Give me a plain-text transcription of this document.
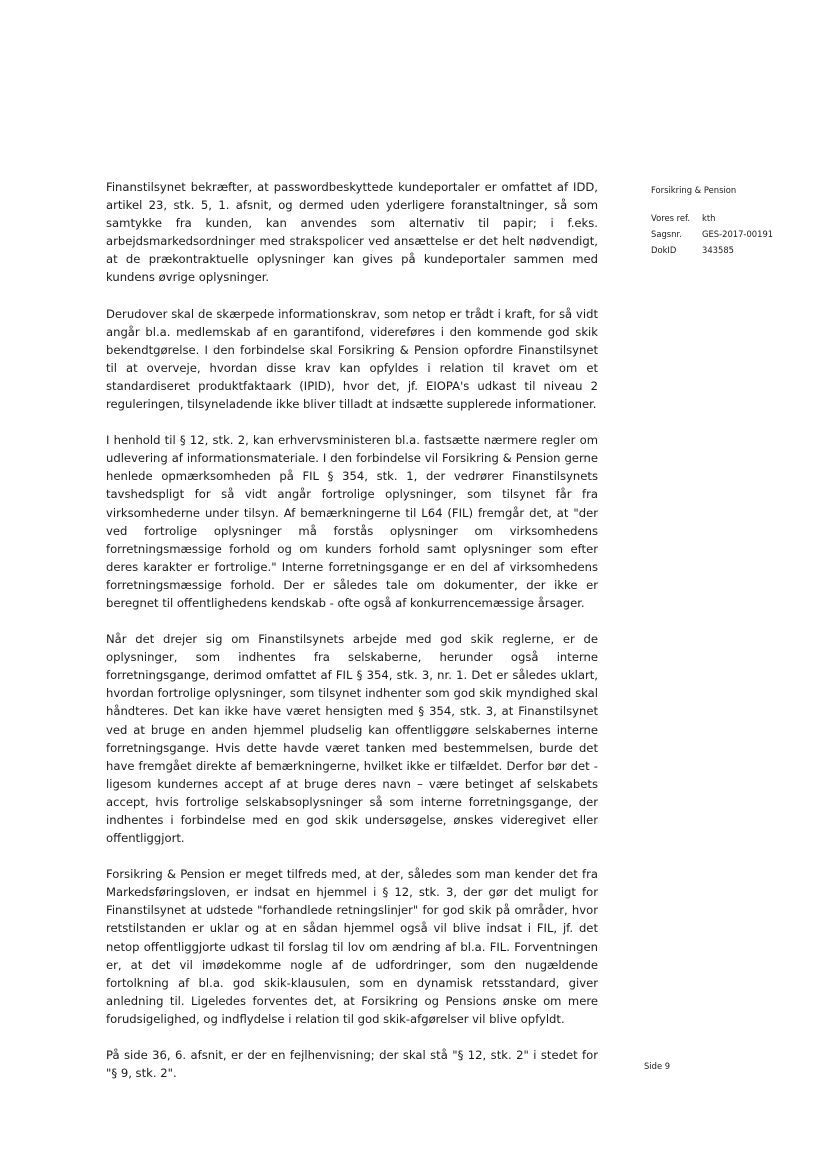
Forsikring & Pension
Vores ref.	kth
Sagsnr.	GES-2017-00191
DokID	343585

Finanstilsynet bekræfter, at passwordbeskyttede kundeportaler er omfattet af IDD, artikel 23, stk. 5, 1. afsnit, og dermed uden yderligere foranstaltninger, så som samtykke fra kunden, kan anvendes som alternativ til papir; i f.eks. arbejdsmarkedsordninger med strakspolicer ved ansættelse er det helt nødvendigt, at de prækontraktuelle oplysninger kan gives på kundeportaler sammen med kundens øvrige oplysninger.

Derudover skal de skærpede informationskrav, som netop er trådt i kraft, for så vidt angår bl.a. medlemskab af en garantifond, videreføres i den kommende god skik bekendtgørelse. I den forbindelse skal Forsikring & Pension opfordre Finanstilsynet til at overveje, hvordan disse krav kan opfyldes i relation til kravet om et standardiseret produktfaktaark (IPID), hvor det, jf. EIOPA's udkast til niveau 2 reguleringen, tilsyneladende ikke bliver tilladt at indsætte supplerede informationer.

I henhold til § 12, stk. 2, kan erhvervsministeren bl.a. fastsætte nærmere regler om udlevering af informationsmateriale. I den forbindelse vil Forsikring & Pension gerne henlede opmærksomheden på FIL § 354, stk. 1, der vedrører Finanstilsynets tavshedspligt for så vidt angår fortrolige oplysninger, som tilsynet får fra virksomhederne under tilsyn. Af bemærkningerne til L64 (FIL) fremgår det, at "der ved fortrolige oplysninger må forstås oplysninger om virksomhedens forretningsmæssige forhold og om kunders forhold samt oplysninger som efter deres karakter er fortrolige." Interne forretningsgange er en del af virksomhedens forretningsmæssige forhold. Der er således tale om dokumenter, der ikke er beregnet til offentlighedens kendskab - ofte også af konkurrencemæssige årsager.

Når det drejer sig om Finanstilsynets arbejde med god skik reglerne, er de oplysninger, som indhentes fra selskaberne, herunder også interne forretningsgange, derimod omfattet af FIL § 354, stk. 3, nr. 1. Det er således uklart, hvordan fortrolige oplysninger, som tilsynet indhenter som god skik myndighed skal håndteres. Det kan ikke have været hensigten med § 354, stk. 3, at Finanstilsynet ved at bruge en anden hjemmel pludselig kan offentliggøre selskabernes interne forretningsgange. Hvis dette havde været tanken med bestemmelsen, burde det have fremgået direkte af bemærkningerne, hvilket ikke er tilfældet. Derfor bør det - ligesom kundernes accept af at bruge deres navn – være betinget af selskabets accept, hvis fortrolige selskabsoplysninger så som interne forretningsgange, der indhentes i forbindelse med en god skik undersøgelse, ønskes videregivet eller offentliggjort.

Forsikring & Pension er meget tilfreds med, at der, således som man kender det fra Markedsføringsloven, er indsat en hjemmel i § 12, stk. 3, der gør det muligt for Finanstilsynet at udstede "forhandlede retningslinjer" for god skik på områder, hvor retstilstanden er uklar og at en sådan hjemmel også vil blive indsat i FIL, jf. det netop offentliggjorte udkast til forslag til lov om ændring af bl.a. FIL. Forventningen er, at det vil imødekomme nogle af de udfordringer, som den nugældende fortolkning af bl.a. god skik-klausulen, som en dynamisk retsstandard, giver anledning til. Ligeledes forventes det, at Forsikring og Pensions ønske om mere forudsigelighed, og indflydelse i relation til god skik-afgørelser vil blive opfyldt.

På side 36, 6. afsnit, er der en fejlhenvisning; der skal stå "§ 12, stk. 2" i stedet for "§ 9, stk. 2".

Side 9
